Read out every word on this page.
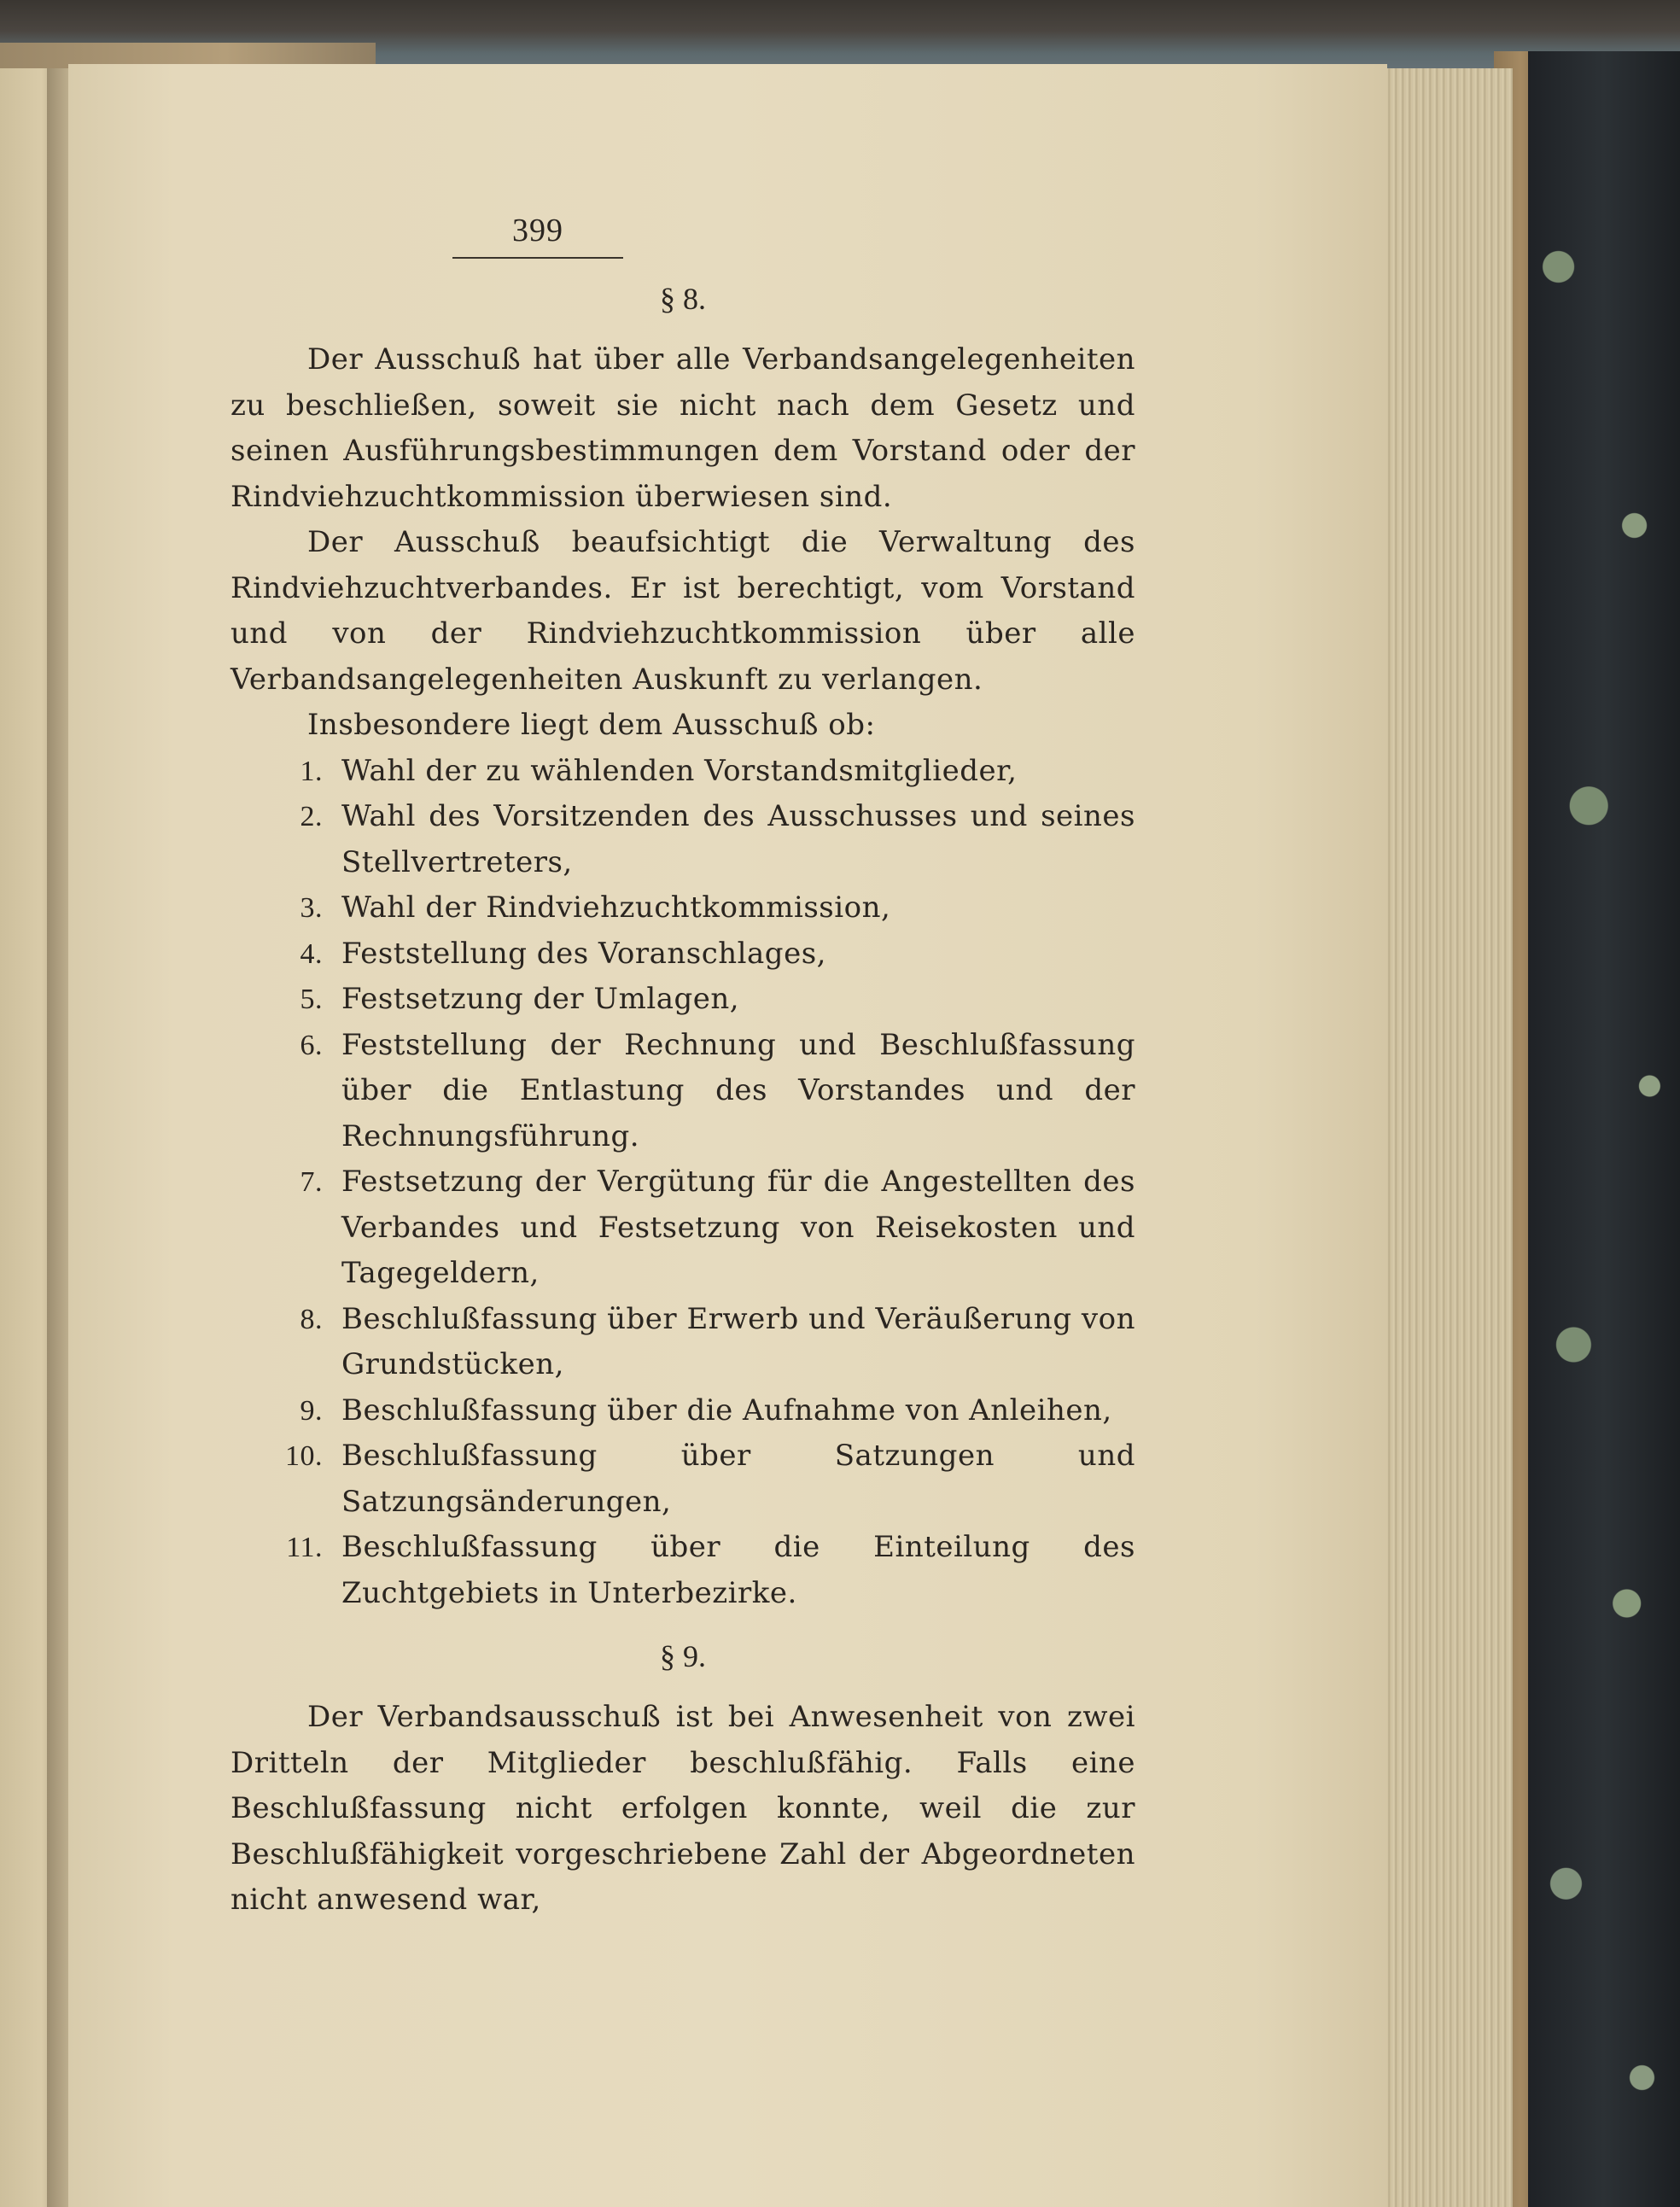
399
§ 8.

Der Ausschuß hat über alle Verbandsangelegenheiten zu beschließen, soweit sie nicht nach dem Gesetz und seinen Ausführungsbestimmungen dem Vorstand oder der Rindviehzuchtkommission überwiesen sind.

Der Ausschuß beaufsichtigt die Verwaltung des Rindviehzuchtverbandes. Er ist berechtigt, vom Vorstand und von der Rindviehzuchtkommission über alle Verbandsangelegenheiten Auskunft zu verlangen.

Insbesondere liegt dem Ausschuß ob:

1. Wahl der zu wählenden Vorstandsmitglieder,
2. Wahl des Vorsitzenden des Ausschusses und seines Stellvertreters,
3. Wahl der Rindviehzuchtkommission,
4. Feststellung des Voranschlages,
5. Festsetzung der Umlagen,
6. Feststellung der Rechnung und Beschlußfassung über die Entlastung des Vorstandes und der Rechnungsführung.
7. Festsetzung der Vergütung für die Angestellten des Verbandes und Festsetzung von Reisekosten und Tagegeldern,
8. Beschlußfassung über Erwerb und Veräußerung von Grundstücken,
9. Beschlußfassung über die Aufnahme von Anleihen,
10. Beschlußfassung über Satzungen und Satzungsänderungen,
11. Beschlußfassung über die Einteilung des Zuchtgebiets in Unterbezirke.
§ 9.

Der Verbandsausschuß ist bei Anwesenheit von zwei Dritteln der Mitglieder beschlußfähig. Falls eine Beschlußfassung nicht erfolgen konnte, weil die zur Beschlußfähigkeit vorgeschriebene Zahl der Abgeordneten nicht anwesend war,
